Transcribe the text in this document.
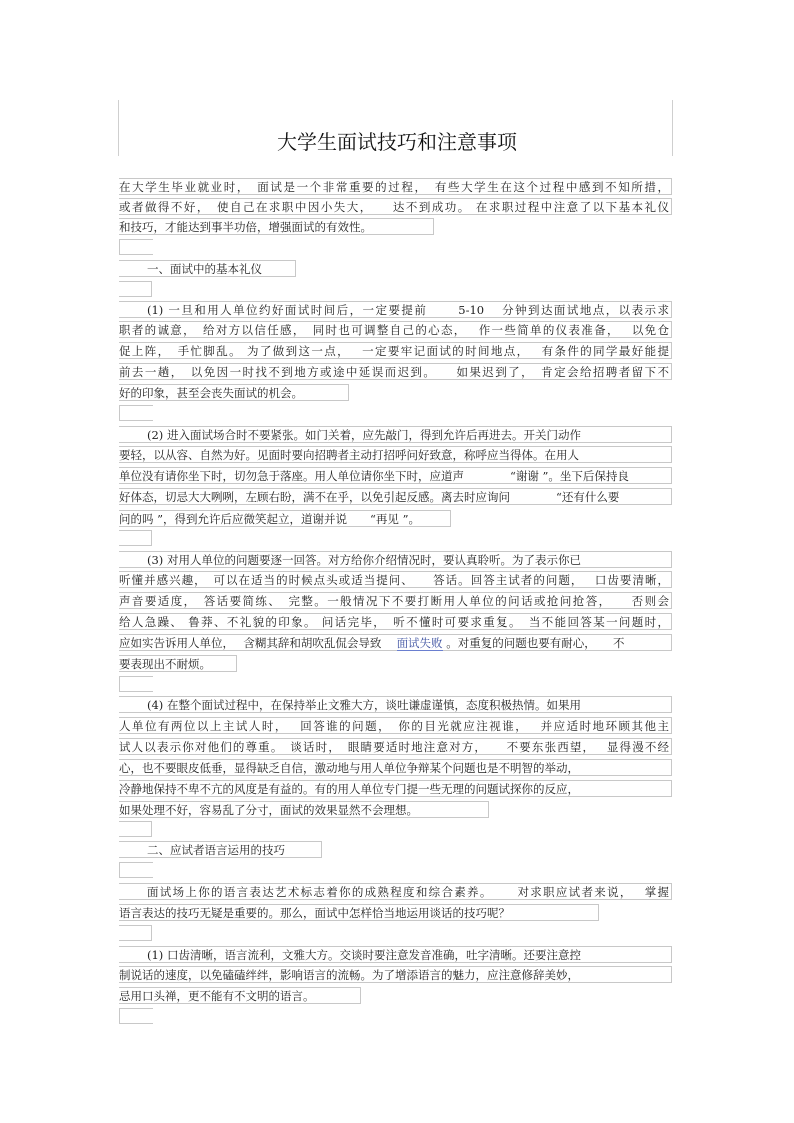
大学生面试技巧和注意事项
在大学生毕业就业时，　面试是一个非常重要的过程，　有些大学生在这个过程中感到不知所措，
或者做得不好，　使自己在求职中因小失大，　　达不到成功。 在求职过程中注意了以下基本礼仪
和技巧，才能达到事半功倍，增强面试的有效性。
一、面试中的基本礼仪
(1) 一旦和用人单位约好面试时间后，一定要提前　　 5-10 　分钟到达面试地点，以表示求
职者的诚意，　给对方以信任感，　同时也可调整自己的心态，　 作一些简单的仪表准备，　 以免仓
促上阵，　手忙脚乱。 为了做到这一点，　 一定要牢记面试的时间地点，　 有条件的同学最好能提
前去一趟，　以免因一时找不到地方或途中延误而迟到。　　如果迟到了，　肯定会给招聘者留下不
好的印象，甚至会丧失面试的机会。
(2) 进入面试场合时不要紧张。如门关着，应先敲门，得到允许后再进去。开关门动作
要轻，以从容、自然为好。见面时要向招聘者主动打招呼问好致意，称呼应当得体。在用人
单位没有请你坐下时，切勿急于落座。用人单位请你坐下时，应道声　　　　“谢谢 ”。坐下后保持良
好体态，切忌大大咧咧，左顾右盼，满不在乎，以免引起反感。离去时应询问　　　　“还有什么要
问的吗 ”，得到允许后应微笑起立，道谢并说　　“再见 ”。
(3) 对用人单位的问题要逐一回答。对方给你介绍情况时，要认真聆听。为了表示你已
听懂并感兴趣，　可以在适当的时候点头或适当提问、　　答话。回答主试者的问题，　 口齿要清晰，
声音要适度，　答话要简练、　完整。一般情况下不要打断用人单位的问话或抢问抢答，　　否则会
给人急躁、 鲁莽、不礼貌的印象。 问话完毕，　听不懂时可要求重复。　当不能回答某一问题时，
应如实告诉用人单位，　 含糊其辞和胡吹乱侃会导致　 面试失败 。对重复的问题也要有耐心，　　不
要表现出不耐烦。
(4) 在整个面试过程中，在保持举止文雅大方，谈吐谦虚谨慎，态度积极热情。如果用
人单位有两位以上主试人时，　 回答谁的问题，　你的目光就应注视谁，　 并应适时地环顾其他主
试人以表示你对他们的尊重。　谈话时，　眼睛要适时地注意对方，　　不要东张西望，　 显得漫不经
心，也不要眼皮低垂，显得缺乏自信，激动地与用人单位争辩某个问题也是不明智的举动，
冷静地保持不卑不亢的风度是有益的。有的用人单位专门提一些无理的问题试探你的反应，
如果处理不好，容易乱了分寸，面试的效果显然不会理想。
二、应试者语言运用的技巧
面试场上你的语言表达艺术标志着你的成熟程度和综合素养。　　 对求职应试者来说，　 掌握
语言表达的技巧无疑是重要的。那么，面试中怎样恰当地运用谈话的技巧呢？
(1) 口齿清晰，语言流利，文雅大方。交谈时要注意发音准确，吐字清晰。还要注意控
制说话的速度，以免磕磕绊绊，影响语言的流畅。为了增添语言的魅力，应注意修辞美妙，
忌用口头禅，更不能有不文明的语言。
